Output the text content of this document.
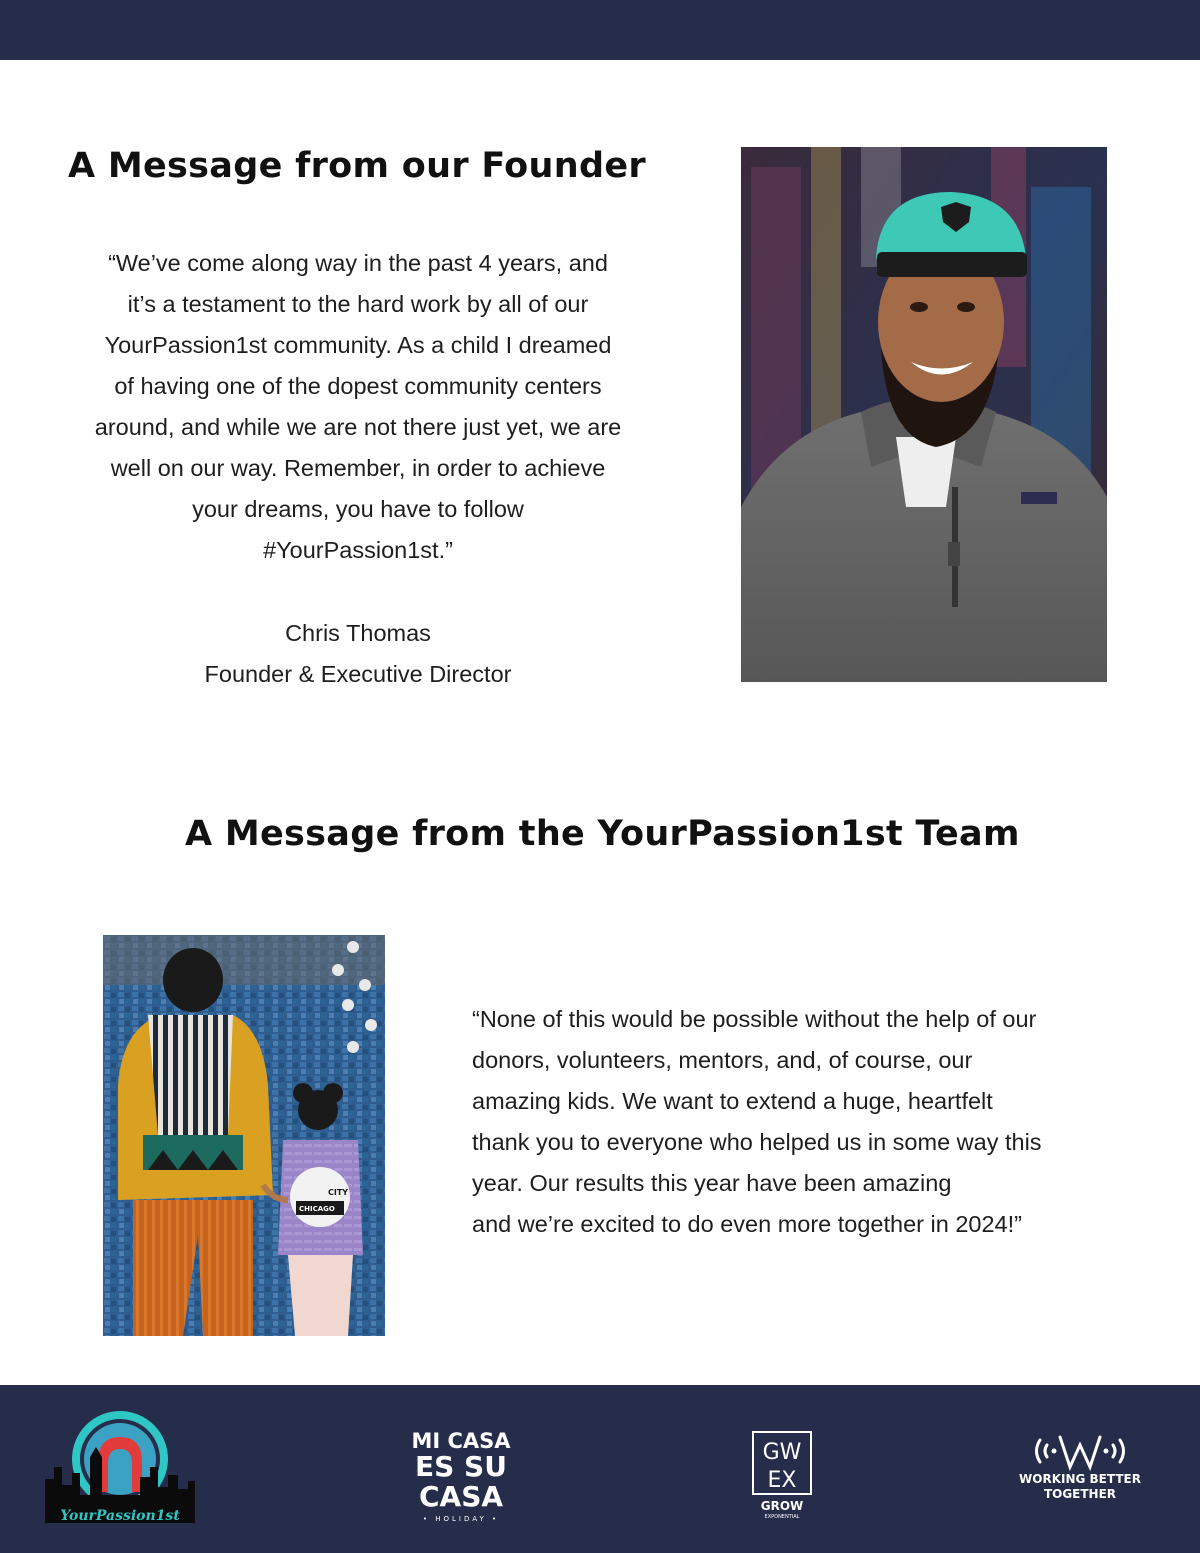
A Message from our Founder

“We’ve come along way in the past 4 years, and
it’s a testament to the hard work by all of our
YourPassion1st community. As a child I dreamed
of having one of the dopest community centers
around, and while we are not there just yet, we are
well on our way. Remember, in order to achieve
your dreams, you have to follow
#YourPassion1st.”

Chris Thomas

Founder & Executive Director

A Message from the YourPassion1st Team
CITY
CHICAGO

“None of this would be possible without the help of our
donors, volunteers, mentors, and, of course, our
amazing kids. We want to extend a huge, heartfelt
thank you to everyone who helped us in some way this
year. Our results this year have been amazing
and we’re excited to do even more together in 2024!”

YourPassion1st
MI CASA
ES SU
CASA
• HOLIDAY •
GW
EX
GROW
EXPONENTIAL
WORKING BETTER
TOGETHER
